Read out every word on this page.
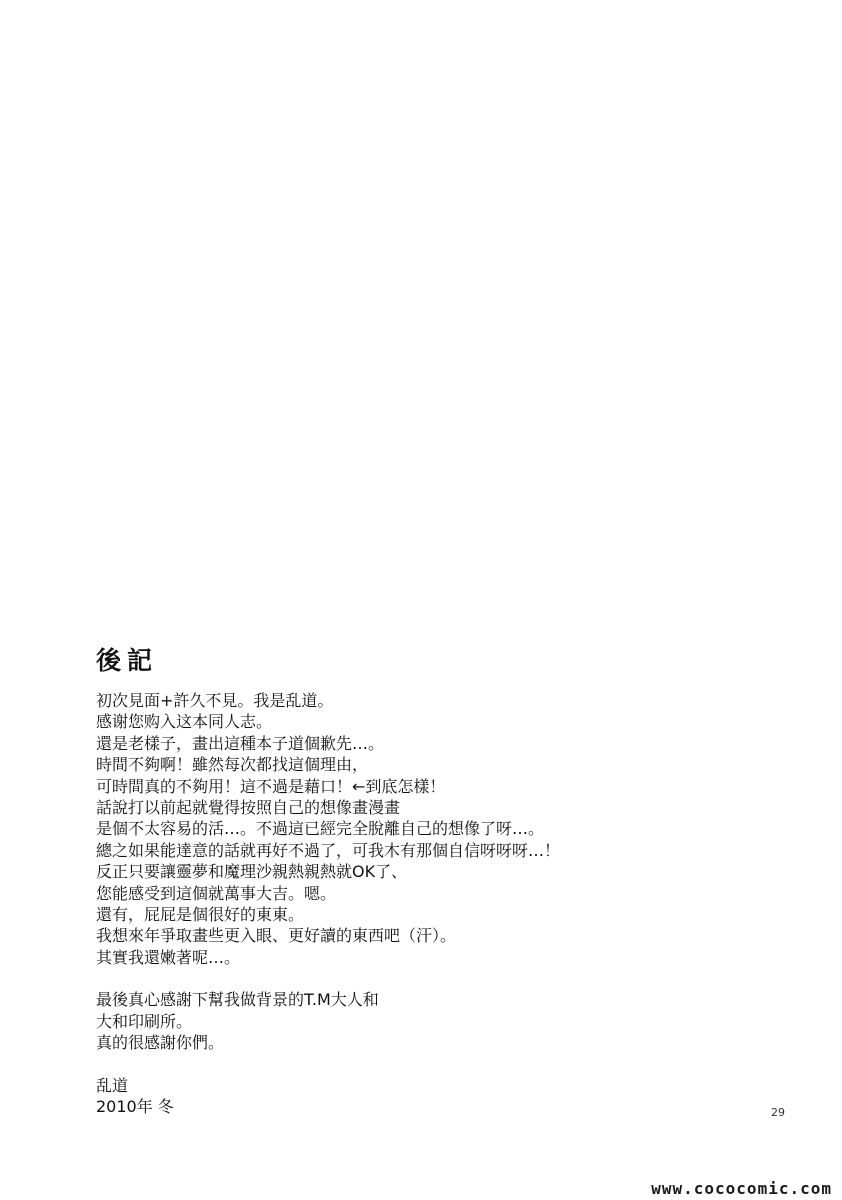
後記
初次見面+許久不見。我是乱道。
感谢您购入这本同人志。
還是老樣子，畫出這種本子道個歉先…。
時間不夠啊！雖然每次都找這個理由，
可時間真的不夠用！這不過是藉口！←到底怎樣！
話說打以前起就覺得按照自己的想像畫漫畫
是個不太容易的活…。不過這已經完全脫離自己的想像了呀…。
總之如果能達意的話就再好不過了，可我木有那個自信呀呀呀…！
反正只要讓靈夢和魔理沙親熱親熱就OK了、
您能感受到這個就萬事大吉。嗯。
還有，屁屁是個很好的東東。
我想來年爭取畫些更入眼、更好讀的東西吧（汗）。
其實我還嫩著呢…。
最後真心感謝下幫我做背景的T.M大人和
大和印刷所。
真的很感謝你們。
乱道
2010年 冬	29
www.cococomic.com
